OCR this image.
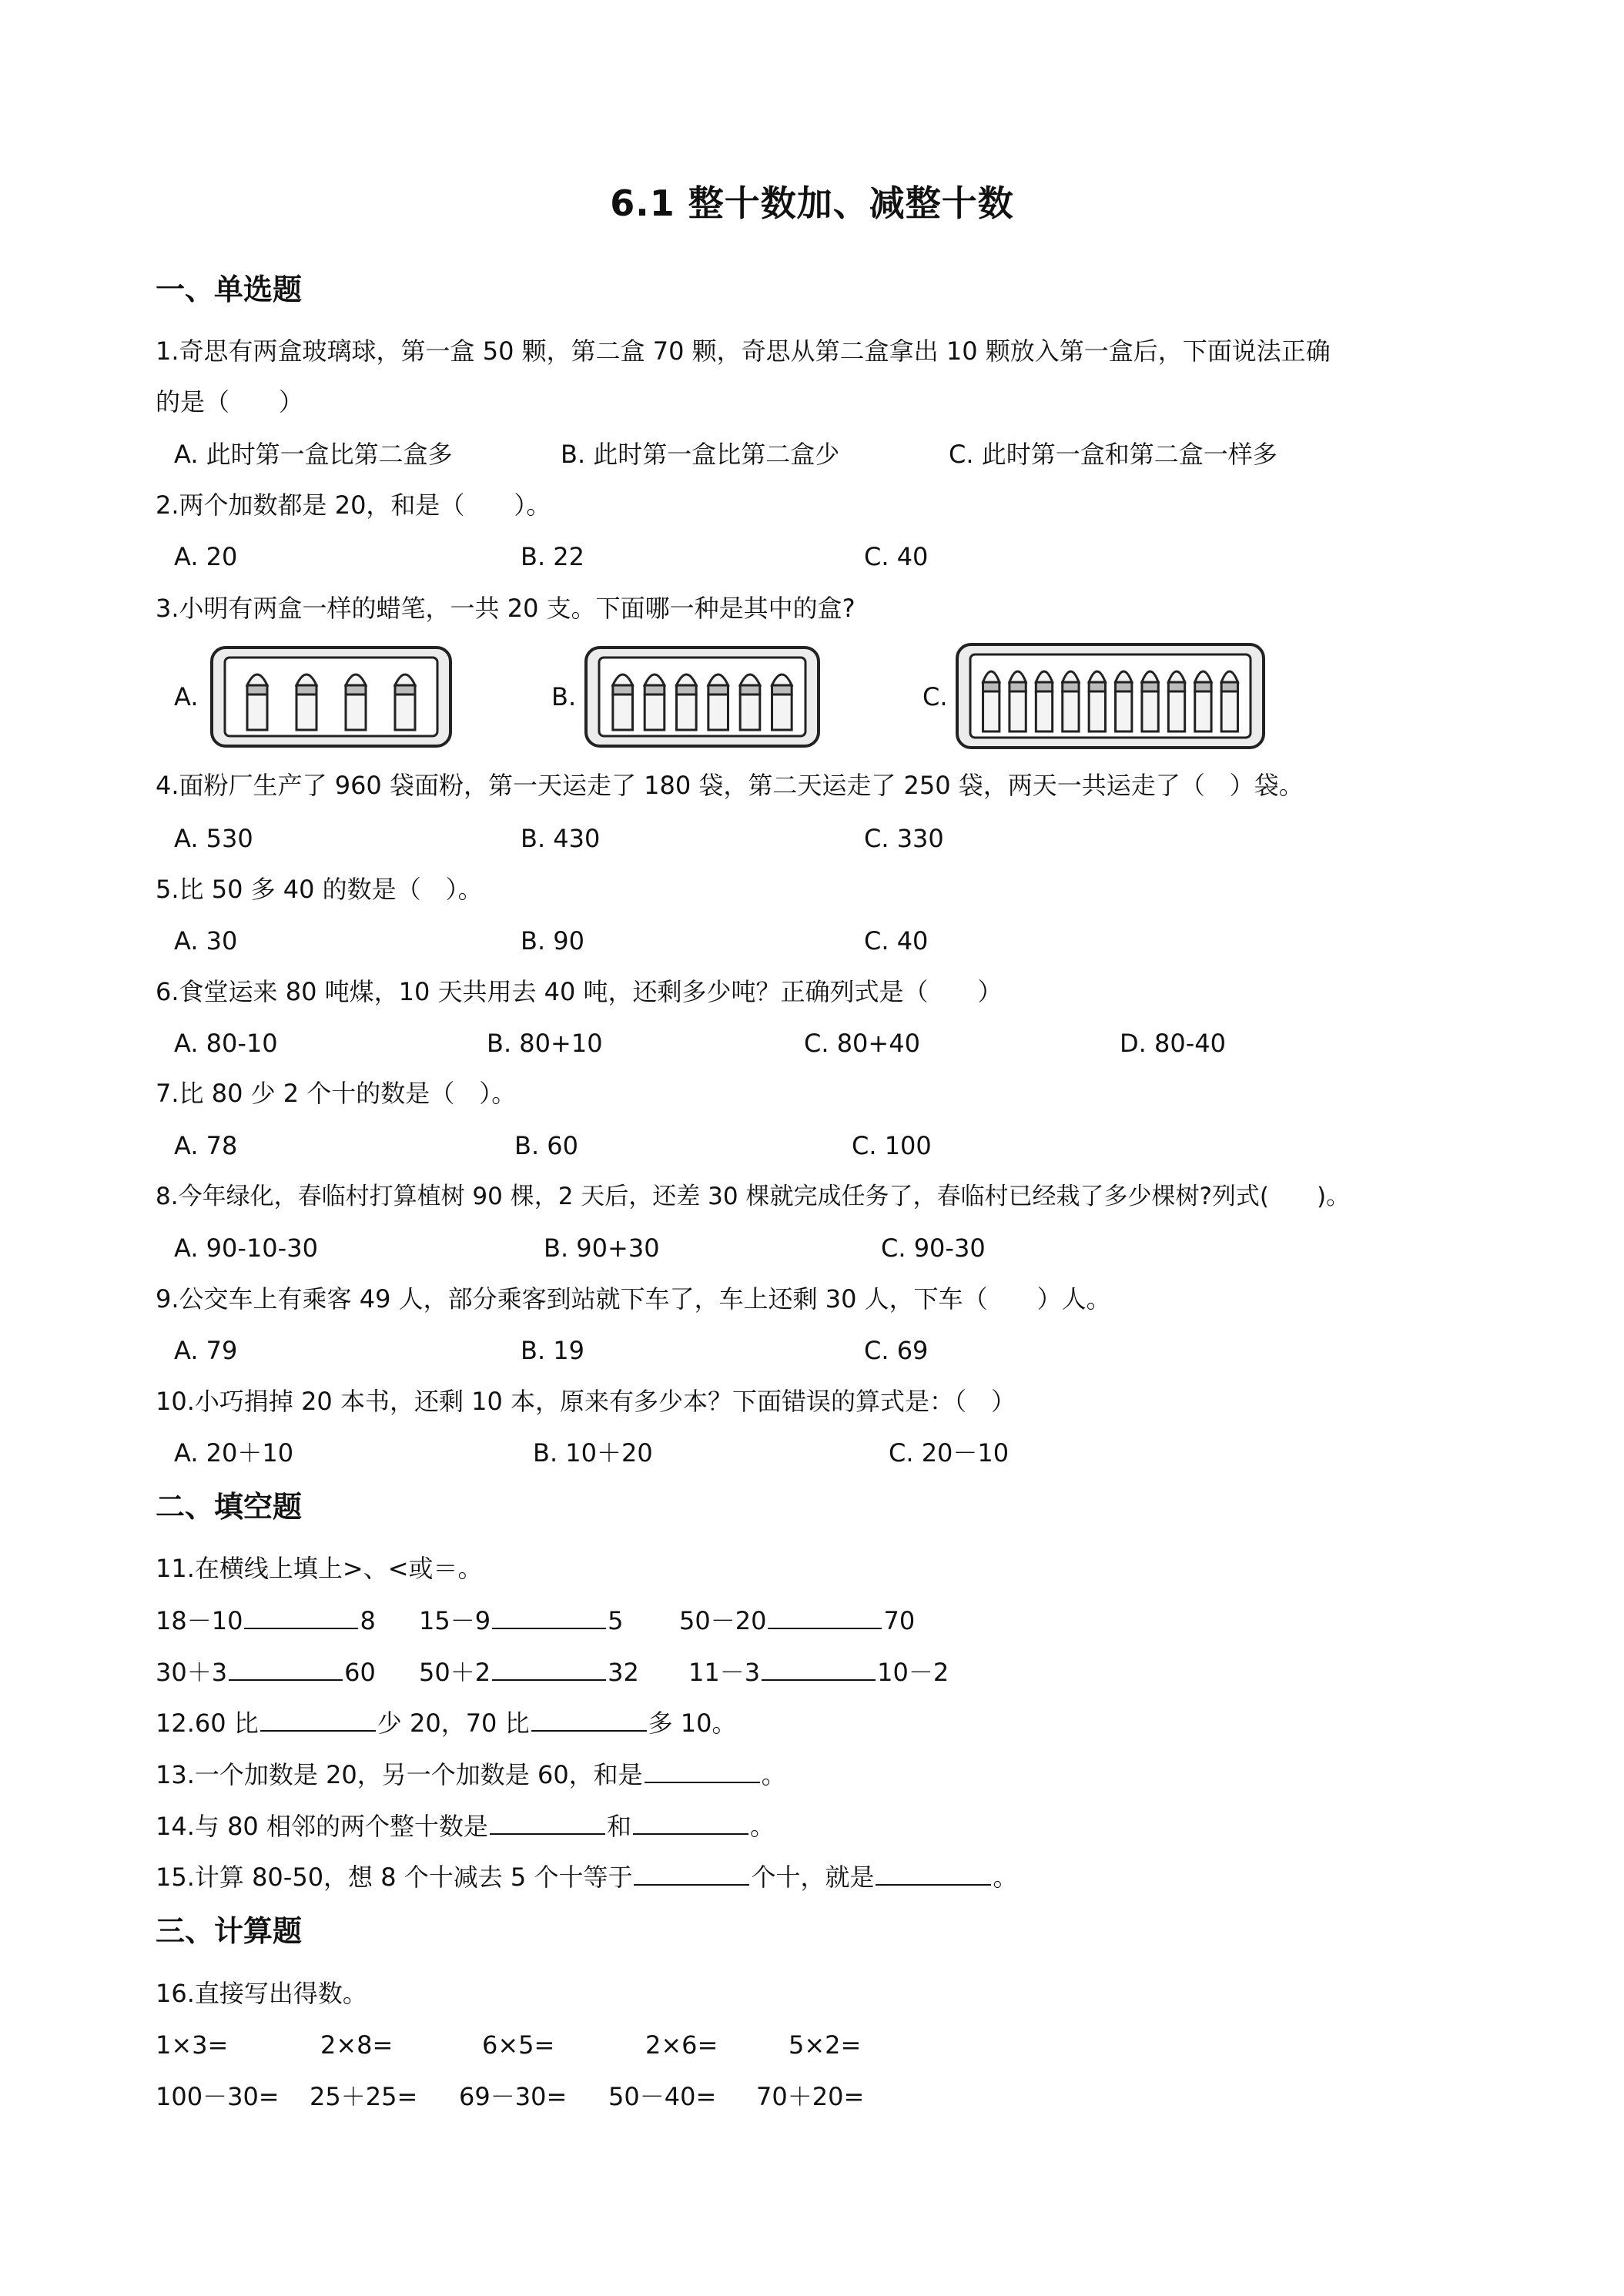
6.1 整十数加、减整十数
一、单选题
1.奇思有两盒玻璃球，第一盒 50 颗，第二盒 70 颗，奇思从第二盒拿出 10 颗放入第一盒后，下面说法正确
的是（　　）
A. 此时第一盒比第二盒多	B. 此时第一盒比第二盒少	C. 此时第一盒和第二盒一样多
2.两个加数都是 20，和是（　　）。
A. 20	B. 22	C. 40
3.小明有两盒一样的蜡笔，一共 20 支。下面哪一种是其中的盒?
A.	B.	C.
4.面粉厂生产了 960 袋面粉，第一天运走了 180 袋，第二天运走了 250 袋，两天一共运走了（　）袋。
A. 530	B. 430	C. 330
5.比 50 多 40 的数是（　）。
A. 30	B. 90	C. 40
6.食堂运来 80 吨煤，10 天共用去 40 吨，还剩多少吨？正确列式是（　　）
A. 80-10	B. 80+10	C. 80+40	D. 80-40
7.比 80 少 2 个十的数是（　）。
A. 78	B. 60	C. 100
8.今年绿化，春临村打算植树 90 棵，2 天后，还差 30 棵就完成任务了，春临村已经栽了多少棵树?列式(　　)。
A. 90-10-30	B. 90+30	C. 90-30
9.公交车上有乘客 49 人，部分乘客到站就下车了，车上还剩 30 人，下车（　　）人。
A. 79	B. 19	C. 69
10.小巧捐掉 20 本书，还剩 10 本，原来有多少本？下面错误的算式是：（　）
A. 20＋10	B. 10＋20	C. 20－10
二、填空题
11.在横线上填上>、<或＝。
18－10	8 15－9	5 50－20	70
30＋3	60 50＋2	32 11－3	10－2
12.60 比	少 20，70 比	多 10。
13.一个加数是 20，另一个加数是 60，和是	。
14.与 80 相邻的两个整十数是	和	。
15.计算 80-50，想 8 个十减去 5 个十等于	个十，就是	。
三、计算题
16.直接写出得数。
1×3=	2×8=	6×5=	2×6=	5×2=
100－30= 25＋25= 69－30= 50－40= 70＋20=
